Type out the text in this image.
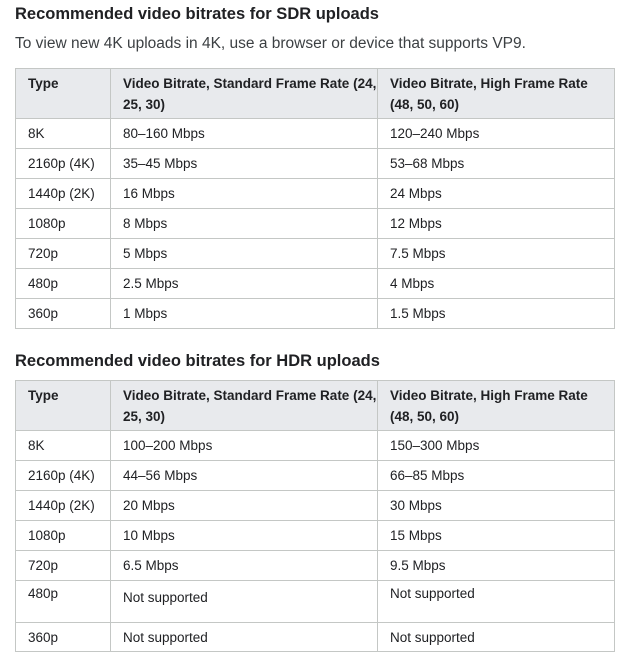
Recommended video bitrates for SDR uploads

To view new 4K uploads in 4K, use a browser or device that supports VP9.

Type	Video Bitrate, Standard Frame Rate (24, 25, 30)	Video Bitrate, High Frame Rate (48, 50, 60)
8K	80–160 Mbps	120–240 Mbps
2160p (4K)	35–45 Mbps	53–68 Mbps
1440p (2K)	16 Mbps	24 Mbps
1080p	8 Mbps	12 Mbps
720p	5 Mbps	7.5 Mbps
480p	2.5 Mbps	4 Mbps
360p	1 Mbps	1.5 Mbps
Recommended video bitrates for HDR uploads
Type	Video Bitrate, Standard Frame Rate (24, 25, 30)	Video Bitrate, High Frame Rate (48, 50, 60)
8K	100–200 Mbps	150–300 Mbps
2160p (4K)	44–56 Mbps	66–85 Mbps
1440p (2K)	20 Mbps	30 Mbps
1080p	10 Mbps	15 Mbps
720p	6.5 Mbps	9.5 Mbps
480p	Not supported	Not supported
360p	Not supported	Not supported
